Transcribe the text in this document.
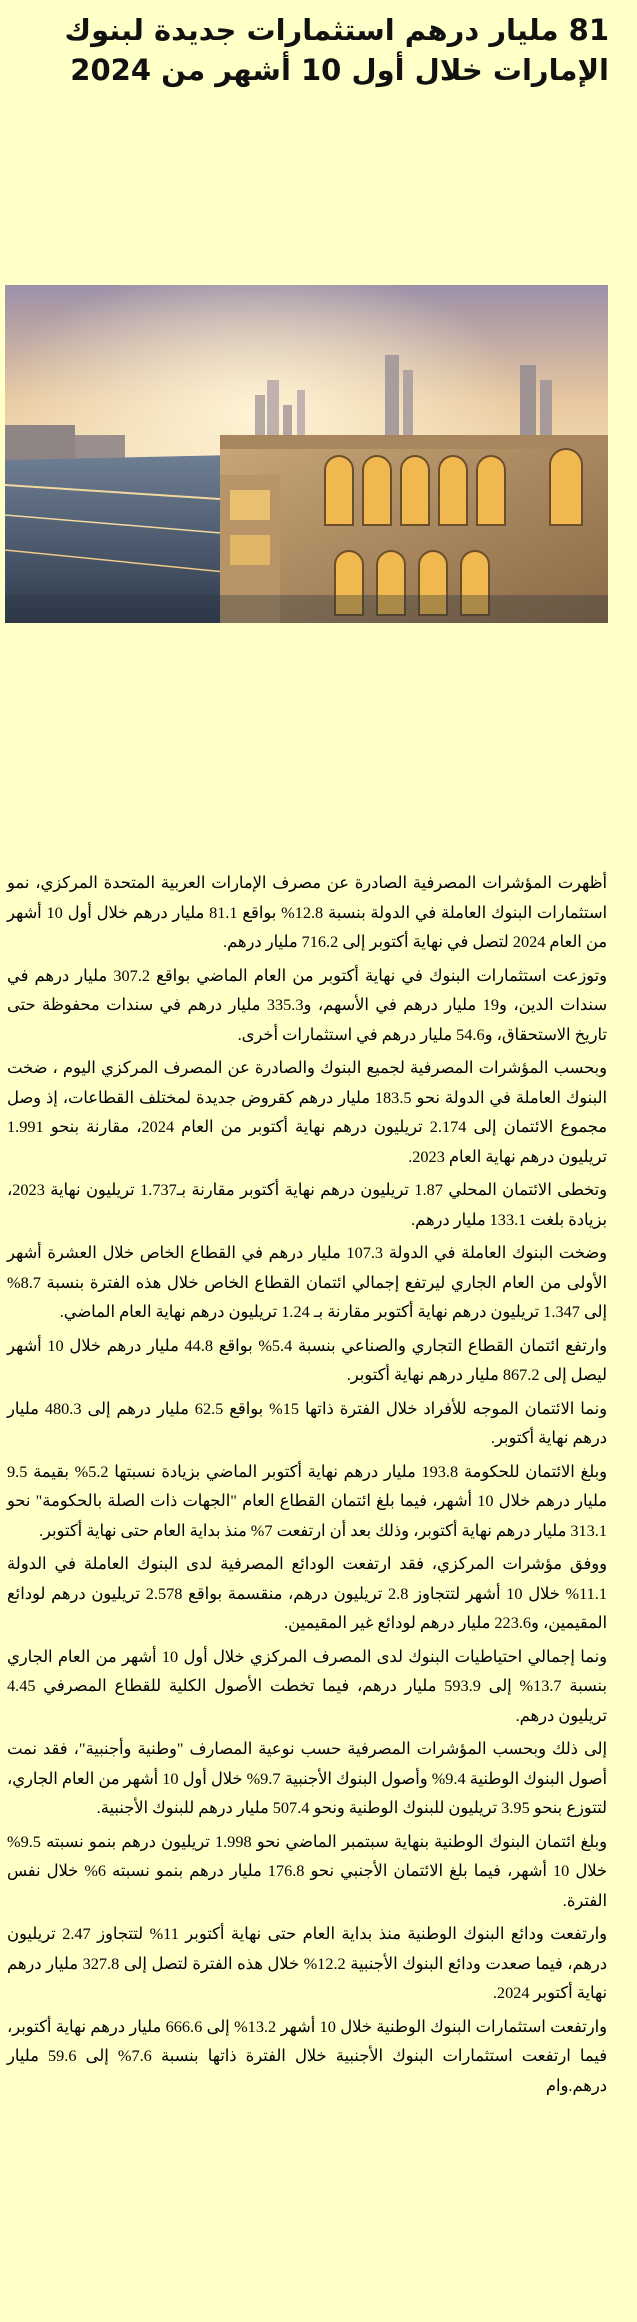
81 مليار درهم استثمارات جديدة لبنوك الإمارات خلال أول 10 أشهر من 2024

أظهرت المؤشرات المصرفية الصادرة عن مصرف الإمارات العربية المتحدة المركزي، نمو استثمارات البنوك العاملة في الدولة بنسبة 12.8% بواقع 81.1 مليار درهم خلال أول 10 أشهر من العام 2024 لتصل في نهاية أكتوبر إلى 716.2 مليار درهم.

وتوزعت استثمارات البنوك في نهاية أكتوبر من العام الماضي بواقع 307.2 مليار درهم في سندات الدين، و19 مليار درهم في الأسهم، و335.3 مليار درهم في سندات محفوظة حتى تاريخ الاستحقاق، و54.6 مليار درهم في استثمارات أخرى.

وبحسب المؤشرات المصرفية لجميع البنوك والصادرة عن المصرف المركزي اليوم ، ضخت البنوك العاملة في الدولة نحو 183.5 مليار درهم كقروض جديدة لمختلف القطاعات، إذ وصل مجموع الائتمان إلى 2.174 تريليون درهم نهاية أكتوبر من العام 2024، مقارنة بنحو 1.991 تريليون درهم نهاية العام 2023.

وتخطى الائتمان المحلي 1.87 تريليون درهم نهاية أكتوبر مقارنة بـ1.737 تريليون نهاية 2023، بزيادة بلغت 133.1 مليار درهم.

وضخت البنوك العاملة في الدولة 107.3 مليار درهم في القطاع الخاص خلال العشرة أشهر الأولى من العام الجاري ليرتفع إجمالي ائتمان القطاع الخاص خلال هذه الفترة بنسبة 8.7% إلى 1.347 تريليون درهم نهاية أكتوبر مقارنة بـ 1.24 تريليون درهم نهاية العام الماضي.

وارتفع ائتمان القطاع التجاري والصناعي بنسبة 5.4% بواقع 44.8 مليار درهم خلال 10 أشهر ليصل إلى 867.2 مليار درهم نهاية أكتوبر.

ونما الائتمان الموجه للأفراد خلال الفترة ذاتها 15% بواقع 62.5 مليار درهم إلى 480.3 مليار درهم نهاية أكتوبر.

وبلغ الائتمان للحكومة 193.8 مليار درهم نهاية أكتوبر الماضي بزيادة نسبتها 5.2% بقيمة 9.5 مليار درهم خلال 10 أشهر، فيما بلغ ائتمان القطاع العام "الجهات ذات الصلة بالحكومة" نحو 313.1 مليار درهم نهاية أكتوبر، وذلك بعد أن ارتفعت 7% منذ بداية العام حتى نهاية أكتوبر.

ووفق مؤشرات المركزي، فقد ارتفعت الودائع المصرفية لدى البنوك العاملة في الدولة 11.1% خلال 10 أشهر لتتجاوز 2.8 تريليون درهم، منقسمة بواقع 2.578 تريليون درهم لودائع المقيمين، و223.6 مليار درهم لودائع غير المقيمين.

ونما إجمالي احتياطيات البنوك لدى المصرف المركزي خلال أول 10 أشهر من العام الجاري بنسبة 13.7% إلى 593.9 مليار درهم، فيما تخطت الأصول الكلية للقطاع المصرفي 4.45 تريليون درهم.

إلى ذلك وبحسب المؤشرات المصرفية حسب نوعية المصارف "وطنية وأجنبية"، فقد نمت أصول البنوك الوطنية 9.4% وأصول البنوك الأجنبية 9.7% خلال أول 10 أشهر من العام الجاري، لتتوزع بنحو 3.95 تريليون للبنوك الوطنية ونحو 507.4 مليار درهم للبنوك الأجنبية.

وبلغ ائتمان البنوك الوطنية بنهاية سبتمبر الماضي نحو 1.998 تريليون درهم بنمو نسبته 9.5% خلال 10 أشهر، فيما بلغ الائتمان الأجنبي نحو 176.8 مليار درهم بنمو نسبته 6% خلال نفس الفترة.

وارتفعت ودائع البنوك الوطنية منذ بداية العام حتى نهاية أكتوبر 11% لتتجاوز 2.47 تريليون درهم، فيما صعدت ودائع البنوك الأجنبية 12.2% خلال هذه الفترة لتصل إلى 327.8 مليار درهم نهاية أكتوبر 2024.

وارتفعت استثمارات البنوك الوطنية خلال 10 أشهر 13.2% إلى 666.6 مليار درهم نهاية أكتوبر، فيما ارتفعت استثمارات البنوك الأجنبية خلال الفترة ذاتها بنسبة 7.6% إلى 59.6 مليار درهم.وام
